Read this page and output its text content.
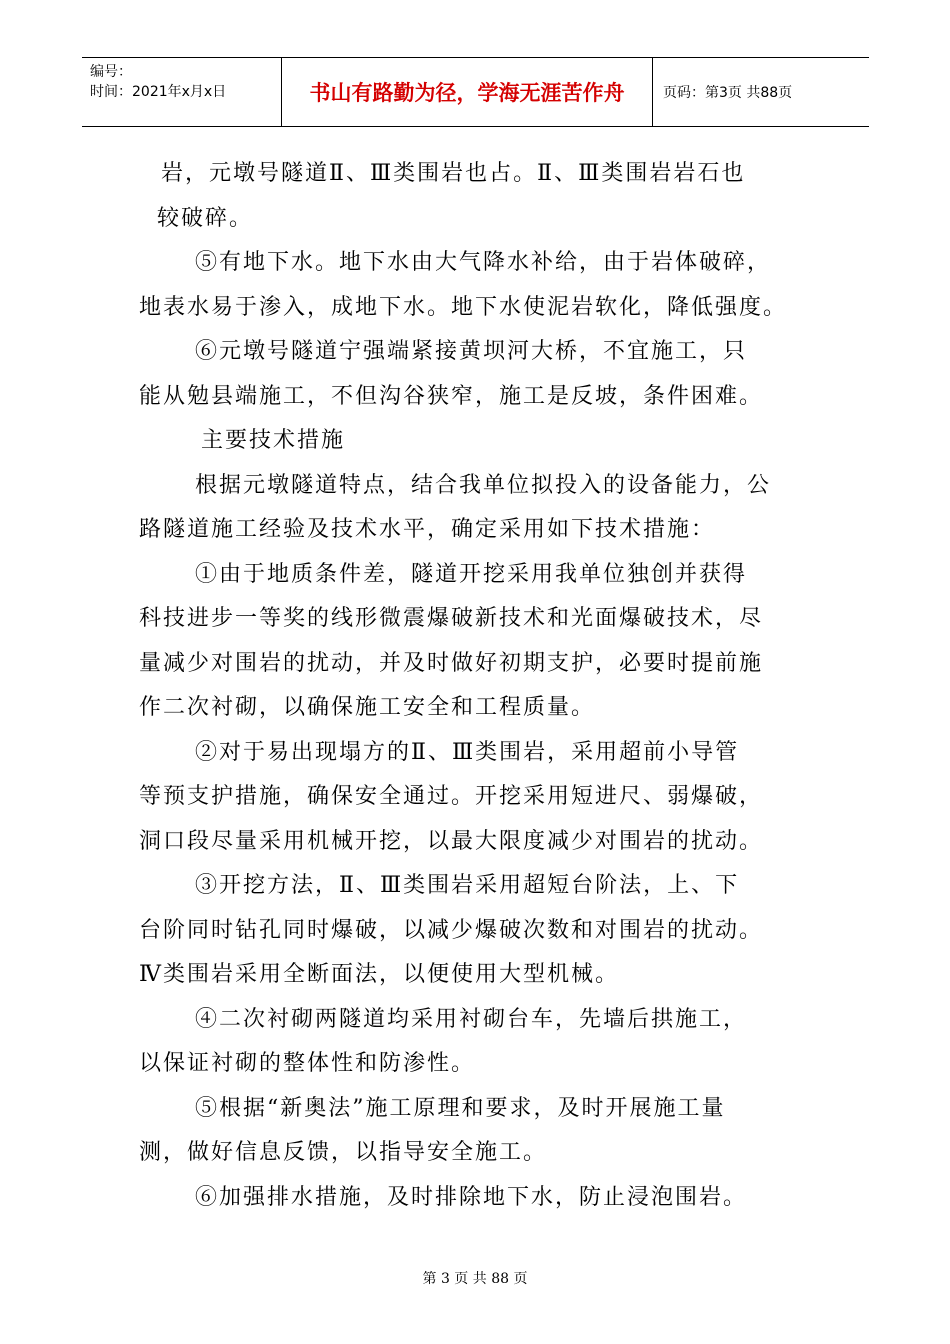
编号：
时间：2021年x月x日	书山有路勤为径，学海无涯苦作舟	页码：第3页 共88页

岩，元墩号隧道Ⅱ、Ⅲ类围岩也占。Ⅱ、Ⅲ类围岩岩石也

较破碎。

⑤有地下水。地下水由大气降水补给，由于岩体破碎，

地表水易于渗入，成地下水。地下水使泥岩软化，降低强度。

⑥元墩号隧道宁强端紧接黄坝河大桥，不宜施工，只

能从勉县端施工，不但沟谷狭窄，施工是反坡，条件困难。

主要技术措施

根据元墩隧道特点，结合我单位拟投入的设备能力，公

路隧道施工经验及技术水平，确定采用如下技术措施：

①由于地质条件差，隧道开挖采用我单位独创并获得

科技进步一等奖的线形微震爆破新技术和光面爆破技术，尽

量减少对围岩的扰动，并及时做好初期支护，必要时提前施

作二次衬砌，以确保施工安全和工程质量。

②对于易出现塌方的Ⅱ、Ⅲ类围岩，采用超前小导管

等预支护措施，确保安全通过。开挖采用短进尺、弱爆破，

洞口段尽量采用机械开挖，以最大限度减少对围岩的扰动。

③开挖方法，Ⅱ、Ⅲ类围岩采用超短台阶法，上、下

台阶同时钻孔同时爆破，以减少爆破次数和对围岩的扰动。

Ⅳ类围岩采用全断面法，以便使用大型机械。

④二次衬砌两隧道均采用衬砌台车，先墙后拱施工，

以保证衬砌的整体性和防渗性。

⑤根据“新奥法”施工原理和要求，及时开展施工量

测，做好信息反馈，以指导安全施工。

⑥加强排水措施，及时排除地下水，防止浸泡围岩。

第 3 页 共 88 页
